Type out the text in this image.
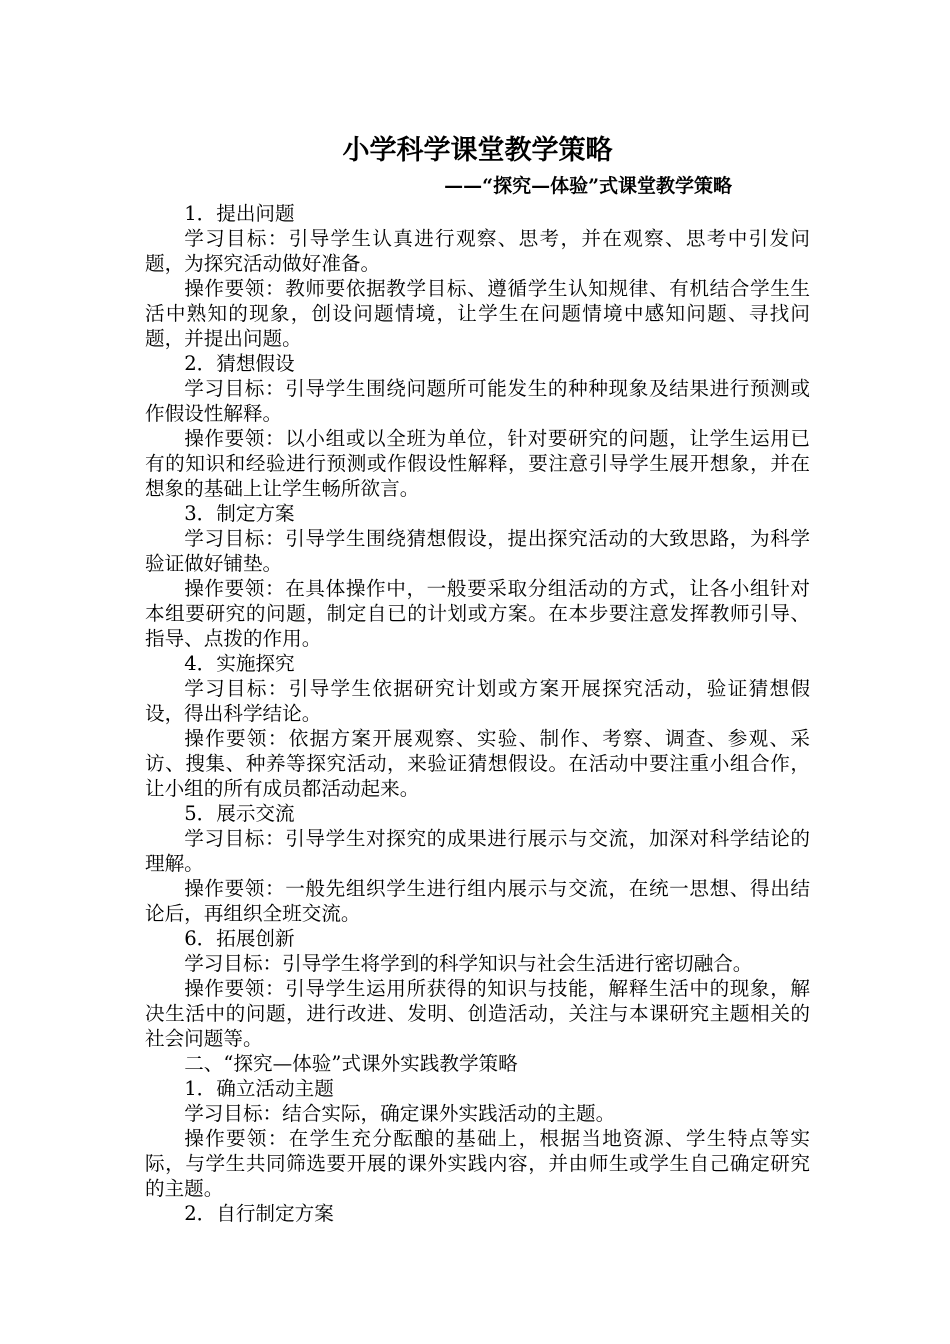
小学科学课堂教学策略
——“探究—体验”式课堂教学策略

1．提出问题

学习目标：引导学生认真进行观察、思考，并在观察、思考中引发问题，为探究活动做好准备。

操作要领：教师要依据教学目标、遵循学生认知规律、有机结合学生生活中熟知的现象，创设问题情境，让学生在问题情境中感知问题、寻找问题，并提出问题。

2．猜想假设

学习目标：引导学生围绕问题所可能发生的种种现象及结果进行预测或作假设性解释。

操作要领：以小组或以全班为单位，针对要研究的问题，让学生运用已有的知识和经验进行预测或作假设性解释，要注意引导学生展开想象，并在想象的基础上让学生畅所欲言。

3．制定方案

学习目标：引导学生围绕猜想假设，提出探究活动的大致思路，为科学验证做好铺垫。

操作要领：在具体操作中，一般要采取分组活动的方式，让各小组针对本组要研究的问题，制定自已的计划或方案。在本步要注意发挥教师引导、指导、点拨的作用。

4．实施探究

学习目标：引导学生依据研究计划或方案开展探究活动，验证猜想假设，得出科学结论。

操作要领：依据方案开展观察、实验、制作、考察、调查、参观、采访、搜集、种养等探究活动，来验证猜想假设。在活动中要注重小组合作，让小组的所有成员都活动起来。

5．展示交流

学习目标：引导学生对探究的成果进行展示与交流，加深对科学结论的理解。

操作要领：一般先组织学生进行组内展示与交流，在统一思想、得出结论后，再组织全班交流。

6．拓展创新

学习目标：引导学生将学到的科学知识与社会生活进行密切融合。

操作要领：引导学生运用所获得的知识与技能，解释生活中的现象，解决生活中的问题，进行改进、发明、创造活动，关注与本课研究主题相关的社会问题等。

二、“探究—体验”式课外实践教学策略

1．确立活动主题

学习目标：结合实际，确定课外实践活动的主题。

操作要领：在学生充分酝酿的基础上，根据当地资源、学生特点等实际，与学生共同筛选要开展的课外实践内容，并由师生或学生自己确定研究的主题。

2．自行制定方案
